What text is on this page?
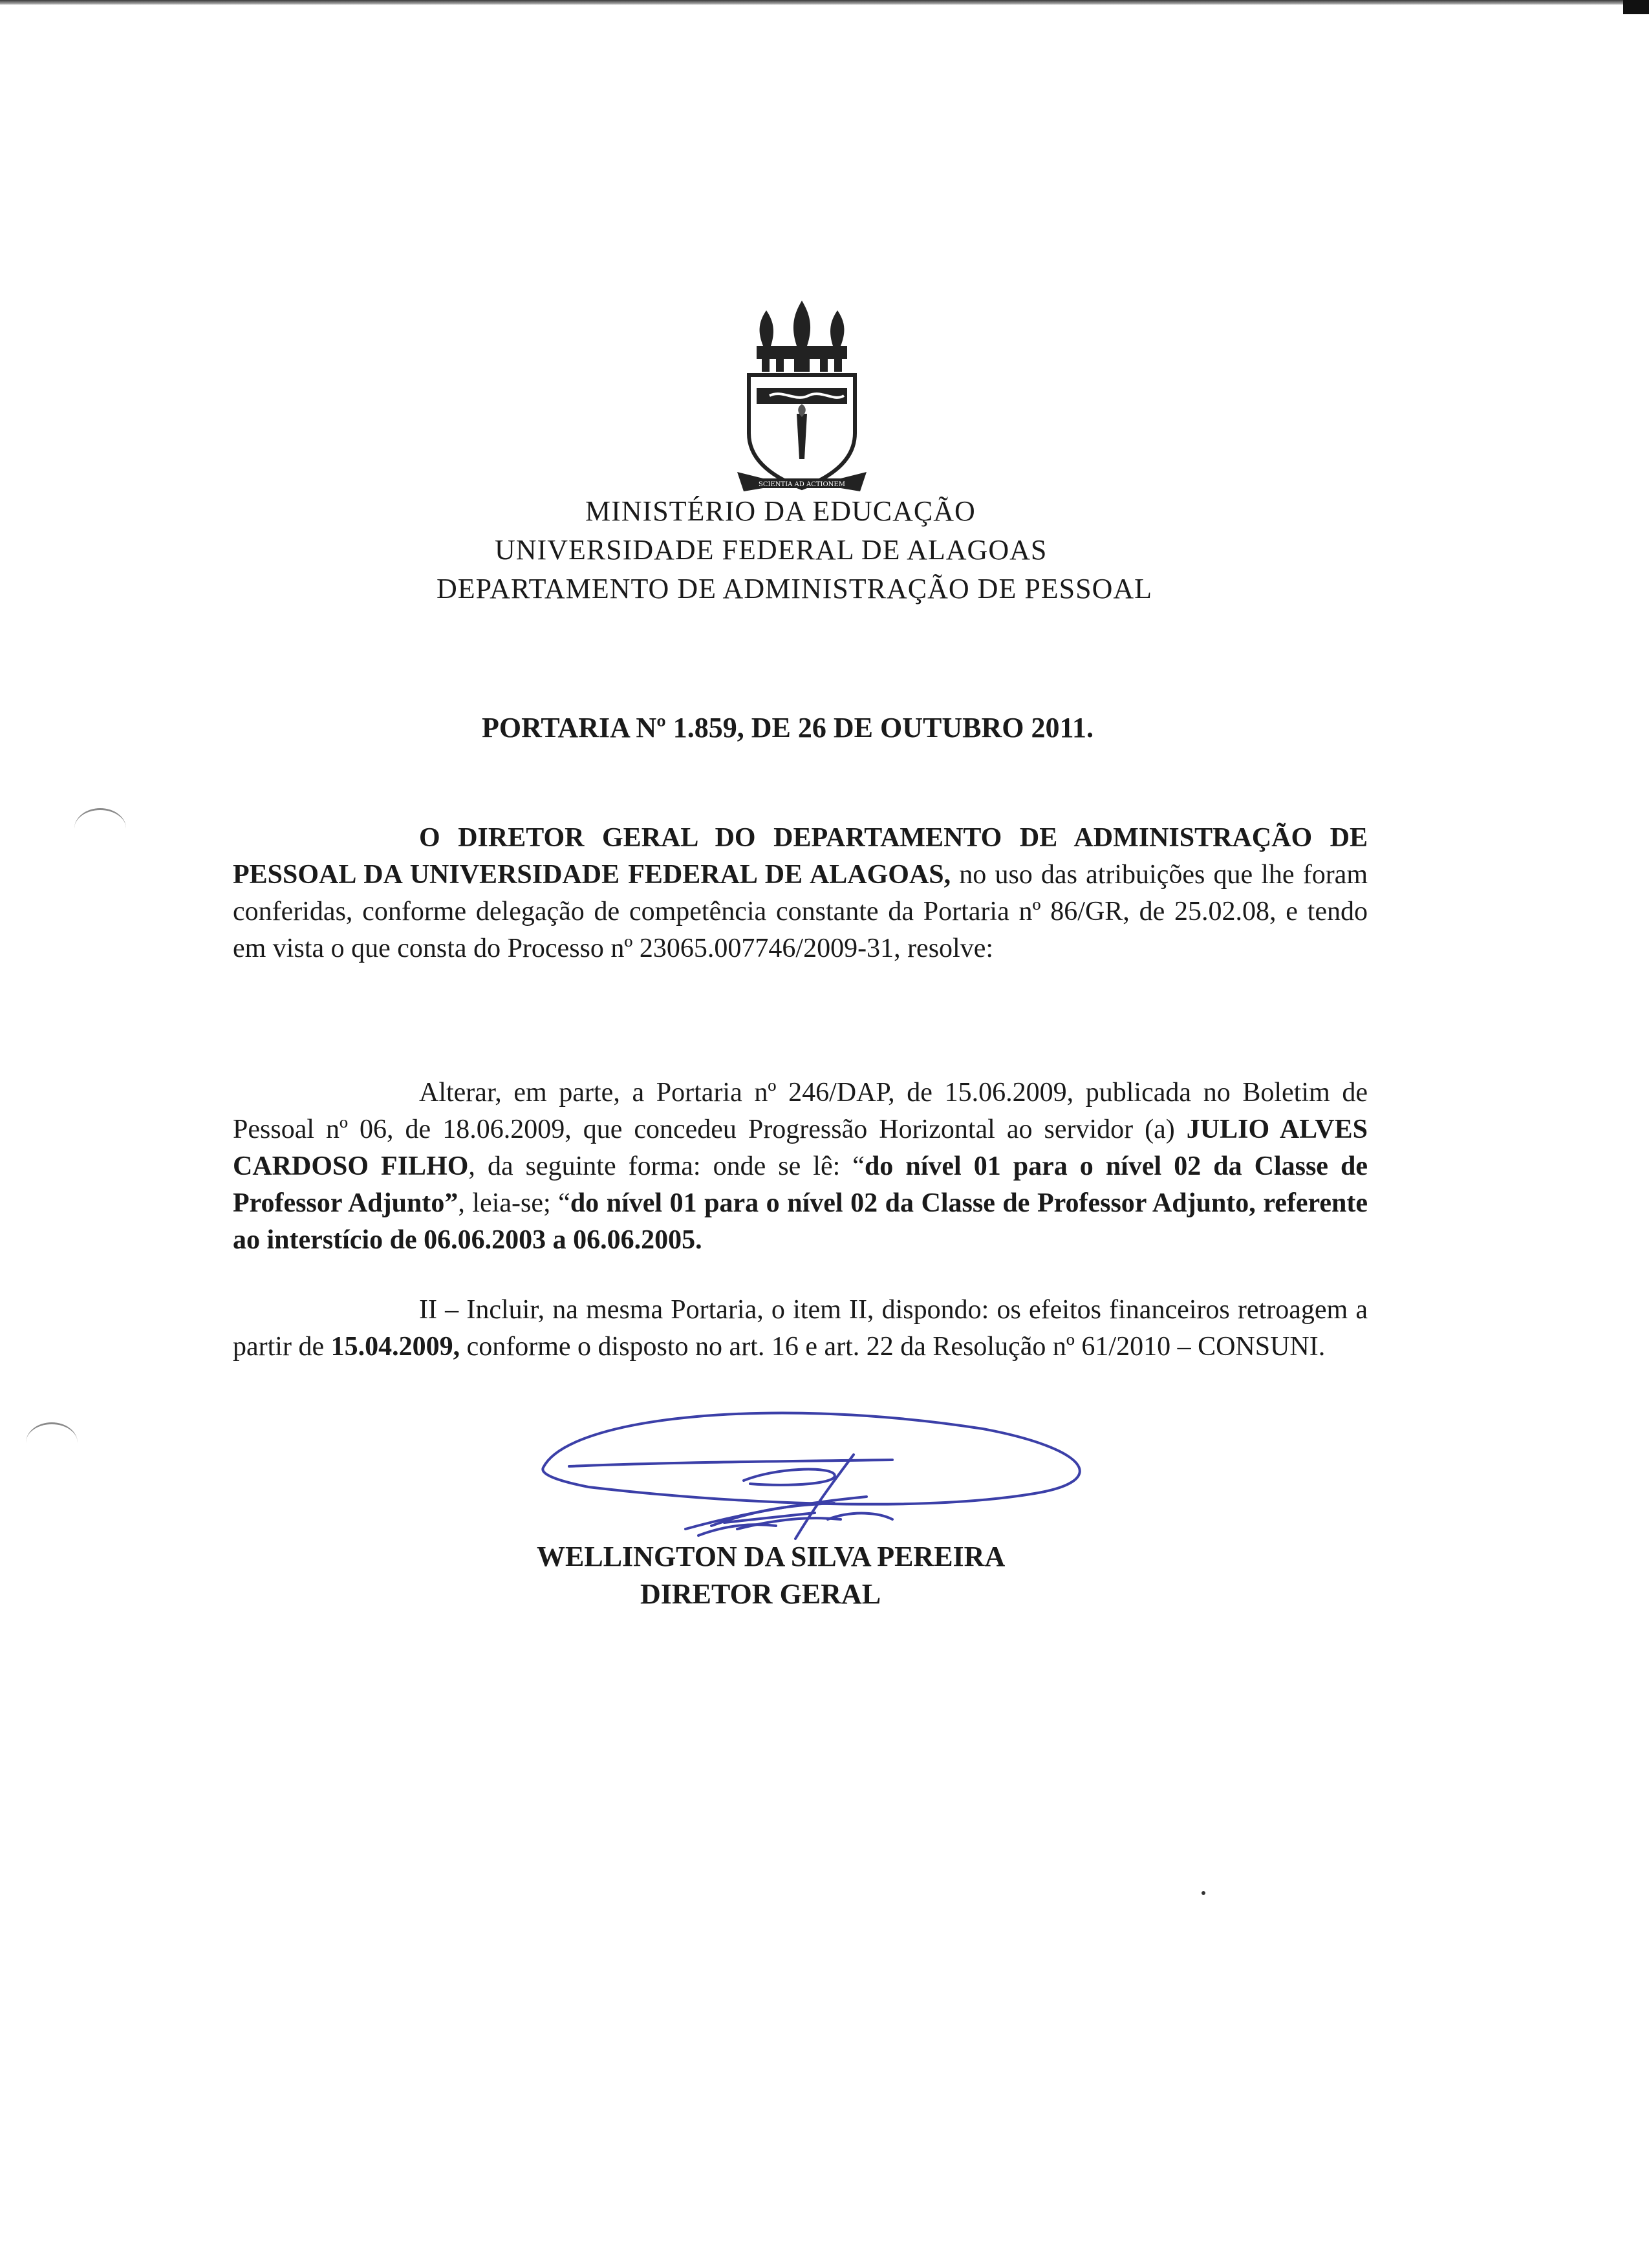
SCIENTIA AD ACTIONEM
MINISTÉRIO DA EDUCAÇÃO
UNIVERSIDADE FEDERAL DE ALAGOAS
DEPARTAMENTO DE ADMINISTRAÇÃO DE PESSOAL
PORTARIA Nº 1.859, DE 26 DE OUTUBRO 2011.
O DIRETOR GERAL DO DEPARTAMENTO DE ADMINISTRAÇÃO DE PESSOAL DA UNIVERSIDADE FEDERAL DE ALAGOAS, no uso das atribuições que lhe foram conferidas, conforme delegação de competência constante da Portaria nº 86/GR, de 25.02.08, e tendo em vista o que consta do Processo nº 23065.007746/2009-31, resolve:
Alterar, em parte, a Portaria nº 246/DAP, de 15.06.2009, publicada no Boletim de Pessoal nº 06, de 18.06.2009, que concedeu Progressão Horizontal ao servidor (a) JULIO ALVES CARDOSO FILHO, da seguinte forma: onde se lê: “do nível 01 para o nível 02 da Classe de Professor Adjunto”, leia-se; “do nível 01 para o nível 02 da Classe de Professor Adjunto, referente ao interstício de 06.06.2003 a 06.06.2005.
II – Incluir, na mesma Portaria, o item II, dispondo: os efeitos financeiros retroagem a partir de 15.04.2009, conforme o disposto no art. 16 e art. 22 da Resolução nº 61/2010 – CONSUNI.
WELLINGTON DA SILVA PEREIRA
DIRETOR GERAL
